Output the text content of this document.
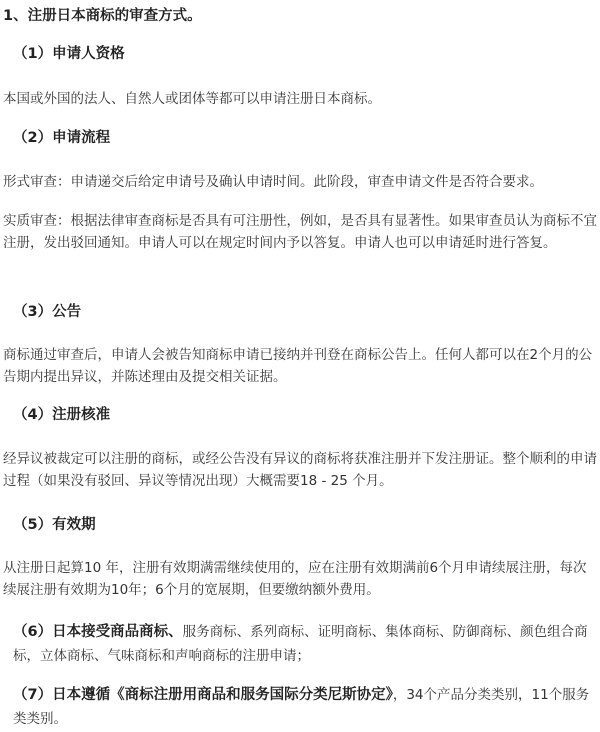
1、注册日本商标的审查方式。
（1）申请人资格
本国或外国的法人、自然人或团体等都可以申请注册日本商标。
（2）申请流程
形式审查：申请递交后给定申请号及确认申请时间。此阶段，审查申请文件是否符合要求。
实质审查：根据法律审查商标是否具有可注册性，例如，是否具有显著性。如果审查员认为商标不宜注册，发出驳回通知。申请人可以在规定时间内予以答复。申请人也可以申请延时进行答复。
（3）公告
商标通过审查后，申请人会被告知商标申请已接纳并刊登在商标公告上。任何人都可以在2个月的公告期内提出异议，并陈述理由及提交相关证据。
（4）注册核准
经异议被裁定可以注册的商标，或经公告没有异议的商标将获准注册并下发注册证。整个顺利的申请过程（如果没有驳回、异议等情况出现）大概需要18 - 25 个月。
（5）有效期
从注册日起算10 年，注册有效期满需继续使用的，应在注册有效期满前6个月申请续展注册，每次续展注册有效期为10年；6个月的宽展期，但要缴纳额外费用。
（6）日本接受商品商标、服务商标、系列商标、证明商标、集体商标、防御商标、颜色组合商标，立体商标、气味商标和声响商标的注册申请；
（7）日本遵循《商标注册用商品和服务国际分类尼斯协定》，34个产品分类类别，11个服务类类别。
